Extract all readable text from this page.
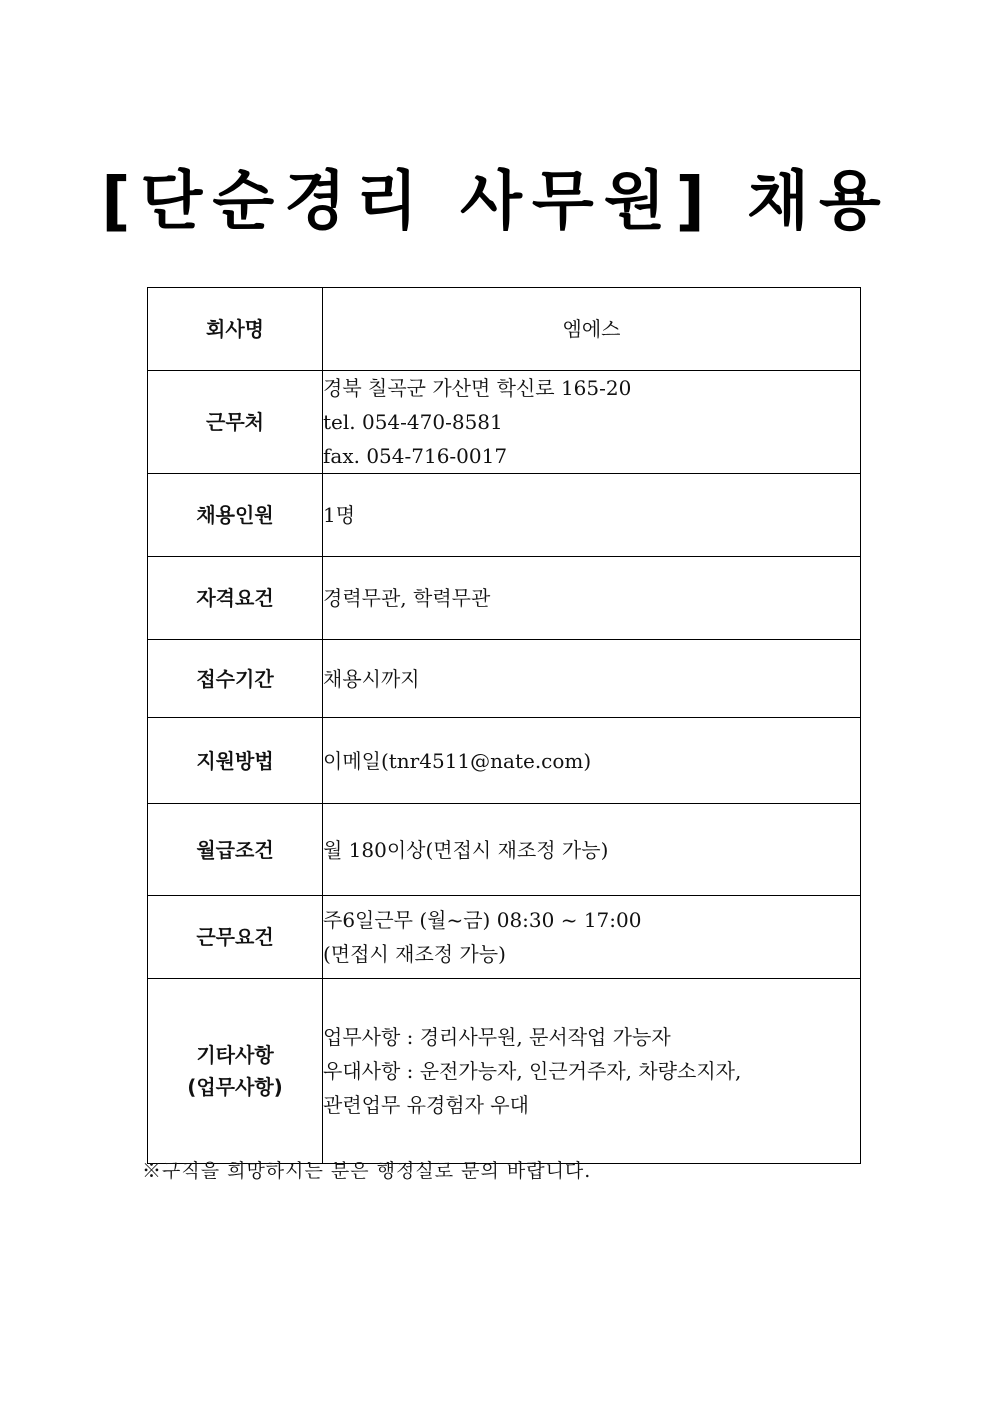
[단순경리 사무원] 채용
회사명	엠에스

근무처	경북 칠곡군 가산면 학신로 165-20
tel. 054-470-8581
fax. 054-716-0017

채용인원	1명

자격요건	경력무관, 학력무관

접수기간	채용시까지

지원방법	이메일(tnr4511@nate.com)

월급조건	월 180이상(면접시 재조정 가능)

근무요건	주6일근무 (월~금) 08:30 ~ 17:00
(면접시 재조정 가능)

기타사항
(업무사항)	업무사항 : 경리사무원, 문서작업 가능자
우대사항 : 운전가능자, 인근거주자, 차량소지자,
관련업무 유경험자 우대
※구직을 희망하시는 분은 행정실로 문의 바랍니다.
